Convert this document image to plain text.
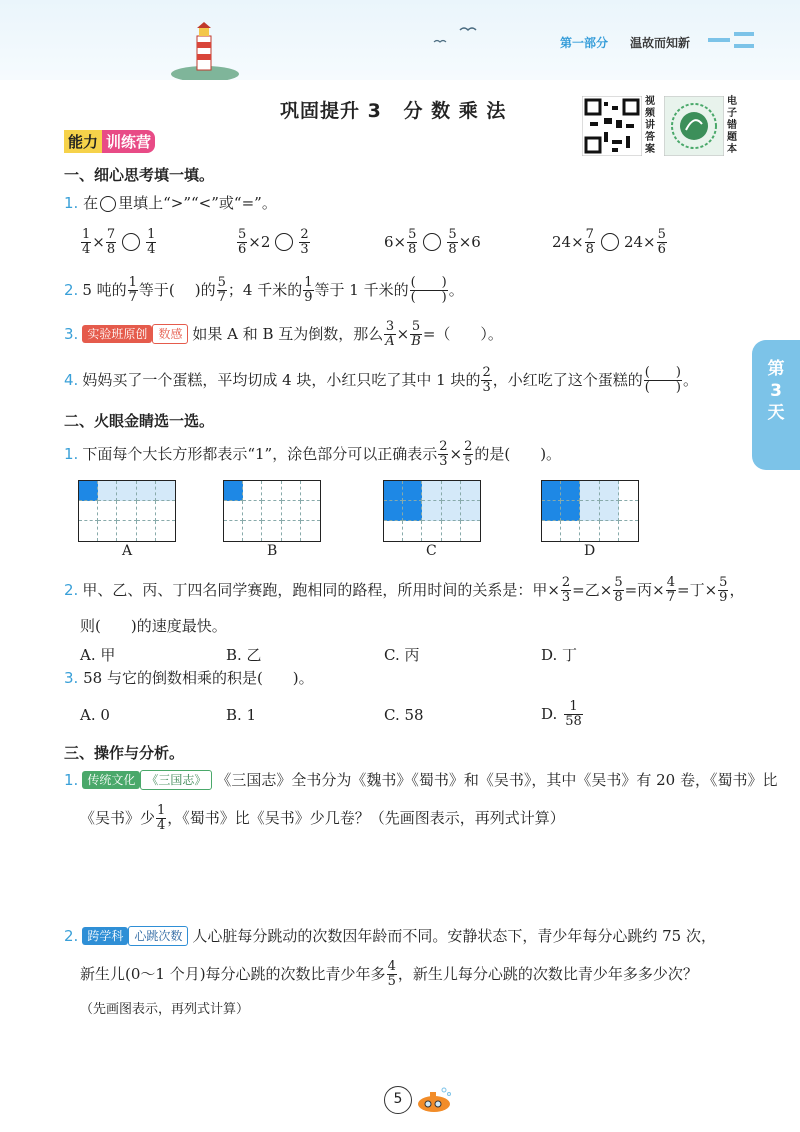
第一部分 温故而知新
巩固提升 3 分 数 乘 法	视频讲答案
电子错题本
能力 训练营
第3天
一、细心思考填一填。
1. 在 里填上“>”“<”或“=”。
$\frac{1}{4} \times \frac{7}{8} \frac{1}{4}$	$\frac{5}{6} \times 2 \frac{2}{3}$	$6\times \frac{5}{8} \frac{5}{8} \times 6$	$24\times \frac{7}{8} 24\times \frac{5}{6}$
2. 5 吨的 $\frac{1}{7}$ 等于( )的 $\frac{5}{7}$ ；4 千米的 $\frac{1}{9}$ 等于 1 千米的 $\frac{( )}{( )}$ 。
3. 实验班原创 数感 如果 A 和 B 互为倒数，那么 $\frac{3}{A} \times \frac{5}{B}$ =（　　）。
4. 妈妈买了一个蛋糕，平均切成 4 块，小红只吃了其中 1 块的 $\frac{2}{3}$ ，小红吃了这个蛋糕的 $\frac{( )}{( )}$ 。
二、火眼金睛选一选。
1. 下面每个大长方形都表示“1”，涂色部分可以正确表示 $\frac{2}{3} \times \frac{2}{5}$ 的是(　　)。
A	B	C	D
2. 甲、乙、丙、丁四名同学赛跑，跑相同的路程，所用时间的关系是：甲× $\frac{2}{3}$ =乙× $\frac{5}{8}$ =丙× $\frac{4}{7}$ =丁× $\frac{5}{9}$ ，
则(　　)的速度最快。
A. 甲	B. 乙	C. 丙	D. 丁
3. 58 与它的倒数相乘的积是(　　)。
A. 0	B. 1	C. 58	D. $\frac{1}{58}$
三、操作与分析。
1. 传统文化 《三国志》 《三国志》全书分为《魏书》《蜀书》和《吴书》，其中《吴书》有 20 卷，《蜀书》比
《吴书》少 $\frac{1}{4}$ ，《蜀书》比《吴书》少几卷？（先画图表示，再列式计算）
2. 跨学科 心跳次数 人心脏每分跳动的次数因年龄而不同。安静状态下，青少年每分心跳约 75 次，
新生儿(0～1 个月)每分心跳的次数比青少年多 $\frac{4}{5}$ ，新生儿每分心跳的次数比青少年多多少次？
（先画图表示，再列式计算）
5
